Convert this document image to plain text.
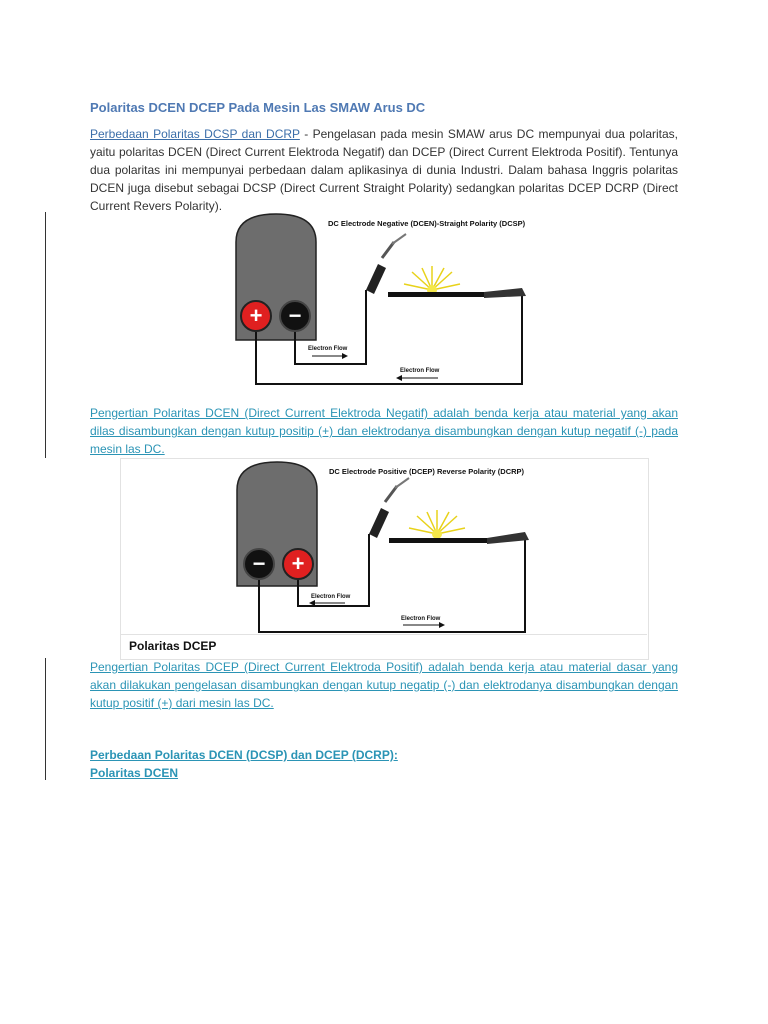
Polaritas DCEN DCEP Pada Mesin Las SMAW Arus DC
Perbedaan Polaritas DCSP dan DCRP - Pengelasan pada mesin SMAW arus DC mempunyai dua polaritas, yaitu polaritas DCEN (Direct Current Elektroda Negatif) dan DCEP (Direct Current Elektroda Positif). Tentunya dua polaritas ini mempunyai perbedaan dalam aplikasinya di dunia Industri. Dalam bahasa Inggris polaritas DCEN juga disebut sebagai DCSP (Direct Current Straight Polarity) sedangkan polaritas DCEP DCRP (Direct Current Revers Polarity).
+ −
DC Electrode Negative (DCEN)-Straight Polarity (DCSP)
Electron Flow
Electron Flow
Pengertian Polaritas DCEN (Direct Current Elektroda Negatif) adalah benda kerja atau material yang akan dilas disambungkan dengan kutup positip (+) dan elektrodanya disambungkan dengan kutup negatif (-) pada mesin las DC.
− +
DC Electrode Positive (DCEP) Reverse Polarity (DCRP)
Electron Flow
Electron Flow
Polaritas DCEP
Pengertian Polaritas DCEP (Direct Current Elektroda Positif) adalah benda kerja atau material dasar yang akan dilakukan pengelasan disambungkan dengan kutup negatip (-) dan elektrodanya disambungkan dengan kutup positif (+) dari mesin las DC.
Perbedaan Polaritas DCEN (DCSP) dan DCEP (DCRP):
Polaritas DCEN
